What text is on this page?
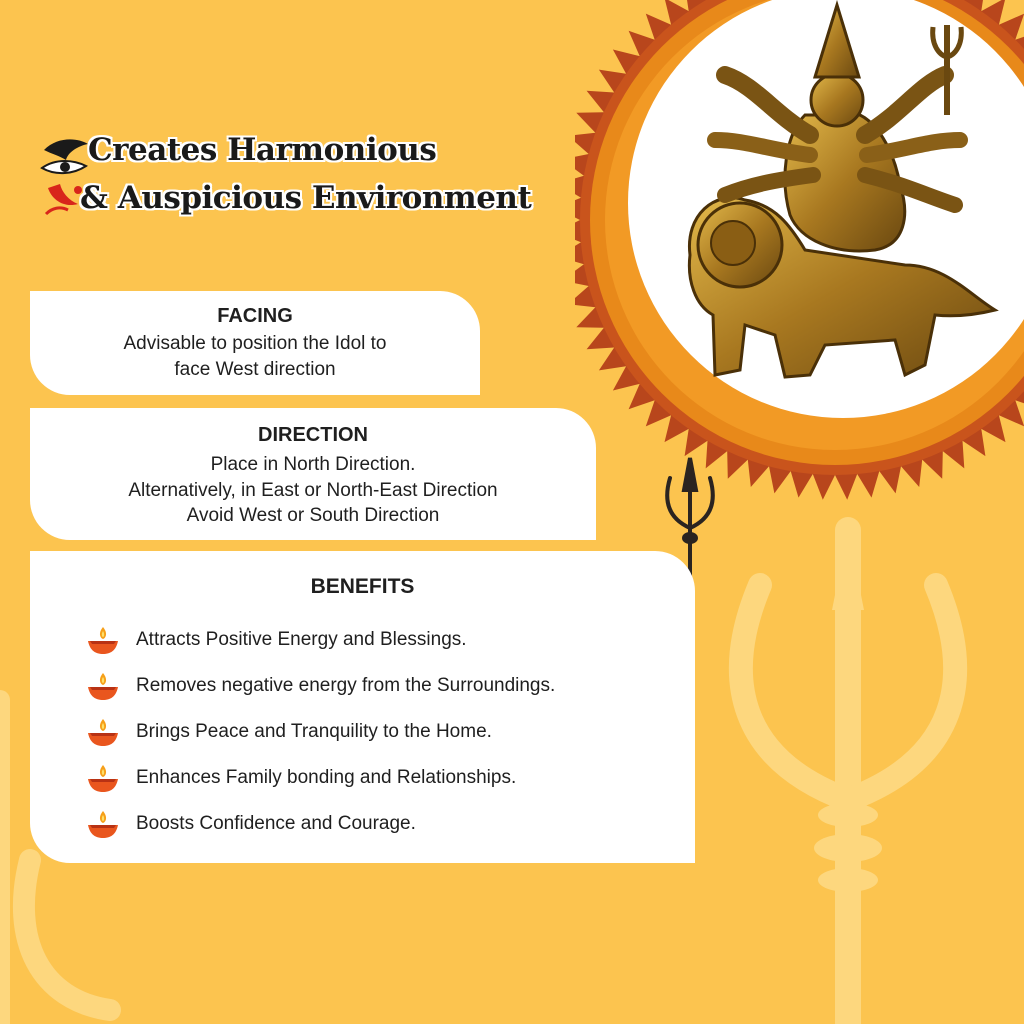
Creates Harmonious
& Auspicious Environment
FACING
Advisable to position the Idol to
face West direction
DIRECTION
Place in North Direction.
Alternatively, in East or North-East Direction
Avoid West or South Direction
BENEFITS
Attracts Positive Energy and Blessings.
Removes negative energy from the Surroundings.
Brings Peace and Tranquility to the Home.
Enhances Family bonding and Relationships.
Boosts Confidence and Courage.
